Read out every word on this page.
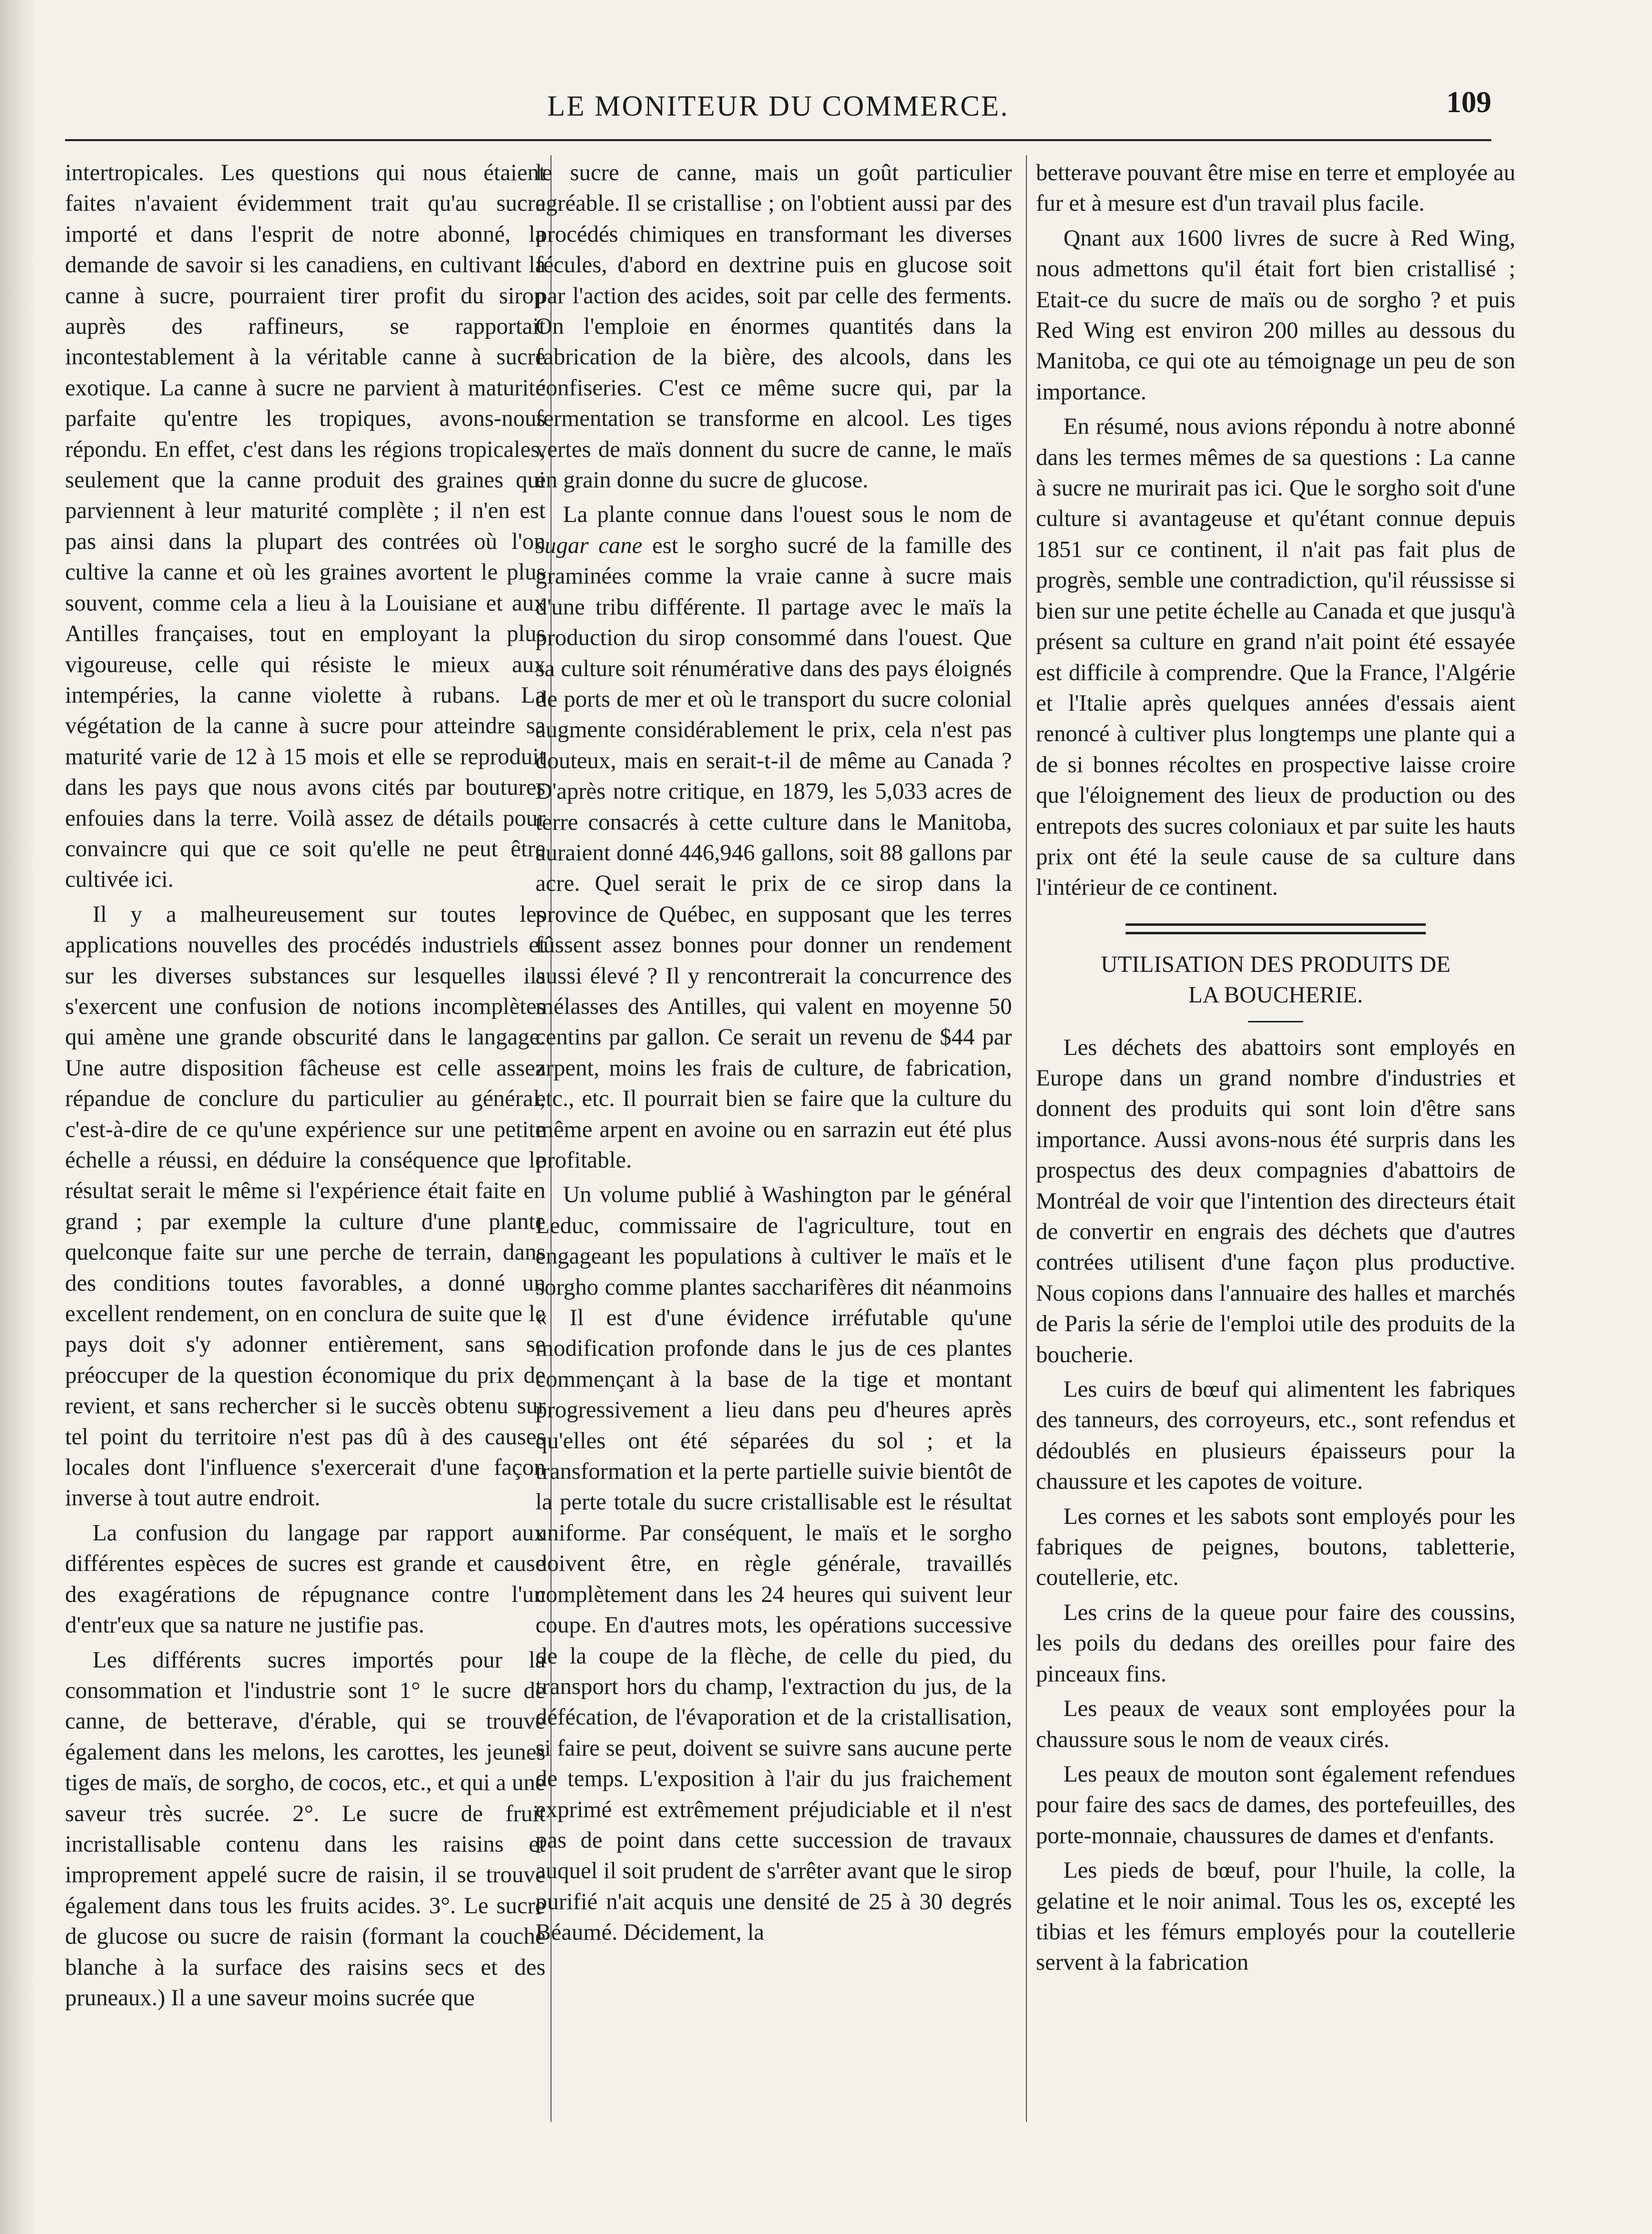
LE MONITEUR DU COMMERCE.	109

intertropicales. Les questions qui nous étaient faites n'avaient évidemment trait qu'au sucre importé et dans l'esprit de notre abonné, la demande de savoir si les canadiens, en cultivant la canne à sucre, pourraient tirer profit du sirop auprès des raffineurs, se rapportait incontestablement à la véritable canne à sucre exotique. La canne à sucre ne parvient à maturité parfaite qu'entre les tropiques, avons-nous répondu. En effet, c'est dans les régions tropicales, seulement que la canne produit des graines qui parviennent à leur maturité complète ; il n'en est pas ainsi dans la plupart des contrées où l'on cultive la canne et où les graines avortent le plus souvent, comme cela a lieu à la Louisiane et aux Antilles françaises, tout en employant la plus vigoureuse, celle qui résiste le mieux aux intempéries, la canne violette à rubans. La végétation de la canne à sucre pour atteindre sa maturité varie de 12 à 15 mois et elle se reproduit dans les pays que nous avons cités par boutures enfouies dans la terre. Voilà assez de détails pour convaincre qui que ce soit qu'elle ne peut être cultivée ici.

Il y a malheureusement sur toutes les applications nouvelles des procédés industriels et sur les diverses substances sur lesquelles ils s'exercent une confusion de notions incomplètes qui amène une grande obscurité dans le langage. Une autre disposition fâcheuse est celle assez répandue de conclure du particulier au général, c'est-à-dire de ce qu'une expérience sur une petite échelle a réussi, en déduire la conséquence que le résultat serait le même si l'expérience était faite en grand ; par exemple la culture d'une plante quelconque faite sur une perche de terrain, dans des conditions toutes favorables, a donné un excellent rendement, on en conclura de suite que le pays doit s'y adonner entièrement, sans se préoccuper de la question économique du prix de revient, et sans rechercher si le succès obtenu sur tel point du territoire n'est pas dû à des causes locales dont l'influence s'exercerait d'une façon inverse à tout autre endroit.

La confusion du langage par rapport aux différentes espèces de sucres est grande et cause des exagérations de répugnance contre l'un d'entr'eux que sa nature ne justifie pas.

Les différents sucres importés pour la consommation et l'industrie sont 1° le sucre de canne, de betterave, d'érable, qui se trouve également dans les melons, les carottes, les jeunes tiges de maïs, de sorgho, de cocos, etc., et qui a une saveur très sucrée. 2°. Le sucre de fruit incristallisable contenu dans les raisins et improprement appelé sucre de raisin, il se trouve également dans tous les fruits acides. 3°. Le sucre de glucose ou sucre de raisin (formant la couche blanche à la surface des raisins secs et des pruneaux.) Il a une saveur moins sucrée que

le sucre de canne, mais un goût particulier agréable. Il se cristallise ; on l'obtient aussi par des procédés chimiques en transformant les diverses fécules, d'abord en dextrine puis en glucose soit par l'action des acides, soit par celle des ferments. On l'emploie en énormes quantités dans la fabrication de la bière, des alcools, dans les confiseries. C'est ce même sucre qui, par la fermentation se transforme en alcool. Les tiges vertes de maïs donnent du sucre de canne, le maïs en grain donne du sucre de glucose.

La plante connue dans l'ouest sous le nom de sugar cane est le sorgho sucré de la famille des graminées comme la vraie canne à sucre mais d'une tribu différente. Il partage avec le maïs la production du sirop consommé dans l'ouest. Que sa culture soit rénumérative dans des pays éloignés de ports de mer et où le transport du sucre colonial augmente considérablement le prix, cela n'est pas douteux, mais en serait-t-il de même au Canada ? D'après notre critique, en 1879, les 5,033 acres de terre consacrés à cette culture dans le Manitoba, auraient donné 446,946 gallons, soit 88 gallons par acre. Quel serait le prix de ce sirop dans la province de Québec, en supposant que les terres fûssent assez bonnes pour donner un rendement aussi élevé ? Il y rencontrerait la concurrence des mélasses des Antilles, qui valent en moyenne 50 centins par gallon. Ce serait un revenu de $44 par arpent, moins les frais de culture, de fabrication, etc., etc. Il pourrait bien se faire que la culture du même arpent en avoine ou en sarrazin eut été plus profitable.

Un volume publié à Washington par le général Leduc, commissaire de l'agriculture, tout en engageant les populations à cultiver le maïs et le sorgho comme plantes saccharifères dit néanmoins « Il est d'une évidence irréfutable qu'une modification profonde dans le jus de ces plantes commençant à la base de la tige et montant progressivement a lieu dans peu d'heures après qu'elles ont été séparées du sol ; et la transformation et la perte partielle suivie bientôt de la perte totale du sucre cristallisable est le résultat uniforme. Par conséquent, le maïs et le sorgho doivent être, en règle générale, travaillés complètement dans les 24 heures qui suivent leur coupe. En d'autres mots, les opérations successive de la coupe de la flèche, de celle du pied, du transport hors du champ, l'extraction du jus, de la défécation, de l'évaporation et de la cristallisation, si faire se peut, doivent se suivre sans aucune perte de temps. L'exposition à l'air du jus fraichement exprimé est extrêmement préjudiciable et il n'est pas de point dans cette succession de travaux auquel il soit prudent de s'arrêter avant que le sirop purifié n'ait acquis une densité de 25 à 30 degrés Béaumé. Décidement, la

betterave pouvant être mise en terre et employée au fur et à mesure est d'un travail plus facile.

Qnant aux 1600 livres de sucre à Red Wing, nous admettons qu'il était fort bien cristallisé ; Etait-ce du sucre de maïs ou de sorgho ? et puis Red Wing est environ 200 milles au dessous du Manitoba, ce qui ote au témoignage un peu de son importance.

En résumé, nous avions répondu à notre abonné dans les termes mêmes de sa questions : La canne à sucre ne murirait pas ici. Que le sorgho soit d'une culture si avantageuse et qu'étant connue depuis 1851 sur ce continent, il n'ait pas fait plus de progrès, semble une contradiction, qu'il réussisse si bien sur une petite échelle au Canada et que jusqu'à présent sa culture en grand n'ait point été essayée est difficile à comprendre. Que la France, l'Algérie et l'Italie après quelques années d'essais aient renoncé à cultiver plus longtemps une plante qui a de si bonnes récoltes en prospective laisse croire que l'éloignement des lieux de production ou des entrepots des sucres coloniaux et par suite les hauts prix ont été la seule cause de sa culture dans l'intérieur de ce continent.

UTILISATION DES PRODUITS DE
LA BOUCHERIE.

Les déchets des abattoirs sont employés en Europe dans un grand nombre d'industries et donnent des produits qui sont loin d'être sans importance. Aussi avons-nous été surpris dans les prospectus des deux compagnies d'abattoirs de Montréal de voir que l'intention des directeurs était de convertir en engrais des déchets que d'autres contrées utilisent d'une façon plus productive. Nous copions dans l'annuaire des halles et marchés de Paris la série de l'emploi utile des produits de la boucherie.

Les cuirs de bœuf qui alimentent les fabriques des tanneurs, des corroyeurs, etc., sont refendus et dédoublés en plusieurs épaisseurs pour la chaussure et les capotes de voiture.

Les cornes et les sabots sont employés pour les fabriques de peignes, boutons, tabletterie, coutellerie, etc.

Les crins de la queue pour faire des coussins, les poils du dedans des oreilles pour faire des pinceaux fins.

Les peaux de veaux sont employées pour la chaussure sous le nom de veaux cirés.

Les peaux de mouton sont également refendues pour faire des sacs de dames, des portefeuilles, des porte-monnaie, chaussures de dames et d'enfants.

Les pieds de bœuf, pour l'huile, la colle, la gelatine et le noir animal. Tous les os, excepté les tibias et les fémurs employés pour la coutellerie servent à la fabrication
